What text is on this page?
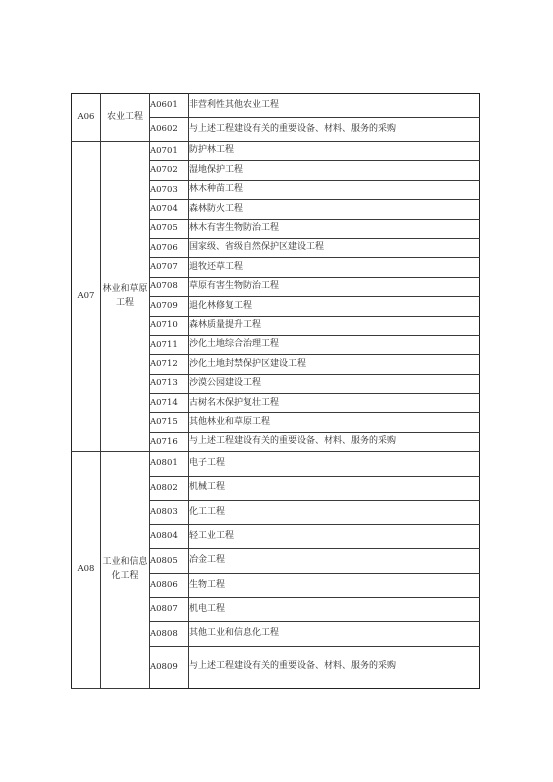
A06	农业工程	A0601	非营利性其他农业工程
		A0602	与上述工程建设有关的重要设备、材料、服务的采购
A07	林业和草原工程	A0701	防护林工程
		A0702	湿地保护工程
		A0703	林木种苗工程
		A0704	森林防火工程
		A0705	林木有害生物防治工程
		A0706	国家级、省级自然保护区建设工程
		A0707	退牧还草工程
		A0708	草原有害生物防治工程
		A0709	退化林修复工程
		A0710	森林质量提升工程
		A0711	沙化土地综合治理工程
		A0712	沙化土地封禁保护区建设工程
		A0713	沙漠公园建设工程
		A0714	古树名木保护复壮工程
		A0715	其他林业和草原工程
		A0716	与上述工程建设有关的重要设备、材料、服务的采购
A08	工业和信息化工程	A0801	电子工程
		A0802	机械工程
		A0803	化工工程
		A0804	轻工业工程
		A0805	冶金工程
		A0806	生物工程
		A0807	机电工程
		A0808	其他工业和信息化工程
		A0809	与上述工程建设有关的重要设备、材料、服务的采购
